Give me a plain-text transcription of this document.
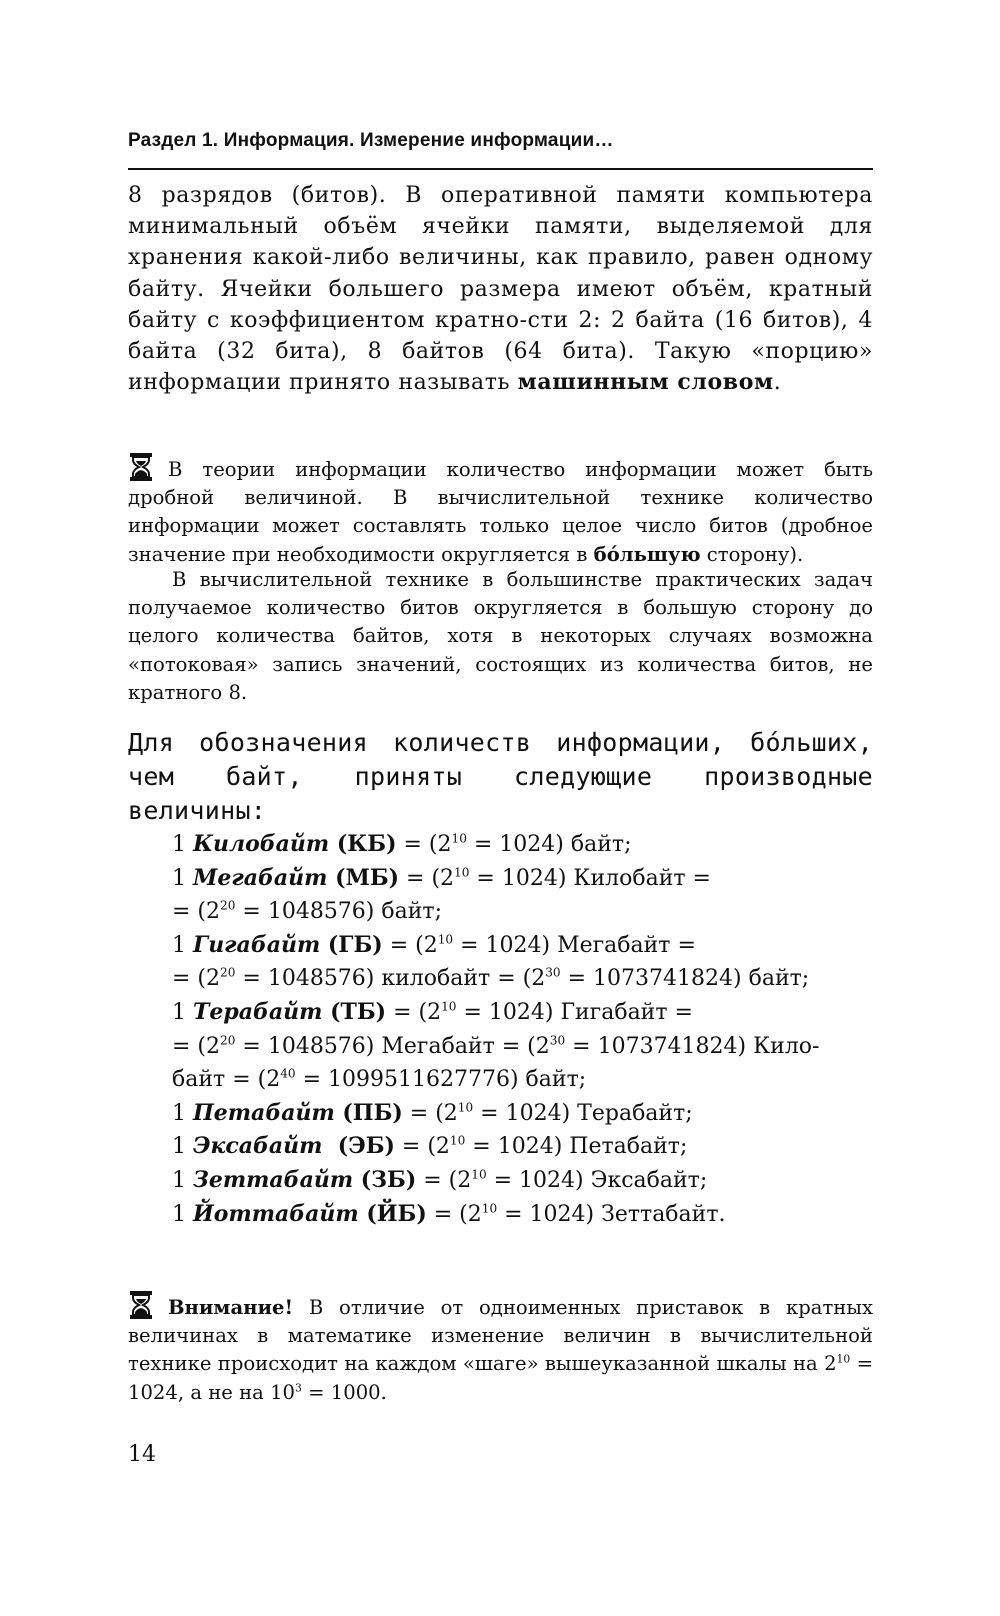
Раздел 1. Информация. Измерение информации…

8 разрядов (битов). В оперативной памяти компьютера минимальный объём ячейки памяти, выделяемой для хранения какой-либо величины, как правило, равен одному байту. Ячейки большего размера имеют объём, кратный байту с коэффициентом кратно-сти 2: 2 байта (16 битов), 4 байта (32 бита), 8 байтов (64 бита). Такую «порцию» информации принято называть машинным словом.

В теории информации количество информации может быть дробной величиной. В вычислительной технике количество информации может составлять только целое число битов (дробное значение при необходимости округляется в бóльшую сторону).

В вычислительной технике в большинстве практических задач получаемое количество битов округляется в большую сторону до целого количества байтов, хотя в некоторых случаях возможна «потоковая» запись значений, состоящих из количества битов, не кратного 8.

Для обозначения количеств информации, бóльших, чем байт, приняты следующие производные величины:

1 Килобайт $(КБ) = (2^{10} = 1024)$ байт;
1 Мегабайт $(МБ) = (2^{10} = 1024)$ Килобайт =
= $(2^{20} = 1048576)$ байт;
1 Гигабайт $(ГБ) = (2^{10} = 1024)$ Мегабайт =
= $(2^{20} = 1048576)$ килобайт = $(2^{30} = 1073741824)$ байт;
1 Терабайт $(ТБ) = (2^{10} = 1024)$ Гигабайт =
= $(2^{20} = 1048576)$ Мегабайт = $(2^{30} = 1073741824)$ Кило-
байт = $(2^{40} = 1099511627776)$ байт;
1 Петабайт $(ПБ) = (2^{10} = 1024)$ Терабайт;
1 Эксабайт  $(ЭБ) = (2^{10} = 1024)$ Петабайт;
1 Зеттабайт $(ЗБ) = (2^{10} = 1024)$ Эксабайт;
1 Йоттабайт $(ЙБ) = (2^{10} = 1024)$ Зеттабайт.

Внимание! В отличие от одноименных приставок в кратных величинах в математике изменение величин в вычислительной технике происходит на каждом «шаге» вышеуказанной шкалы на $2^{10} = 1024$, а не на $10^3 = 1000$.

14
